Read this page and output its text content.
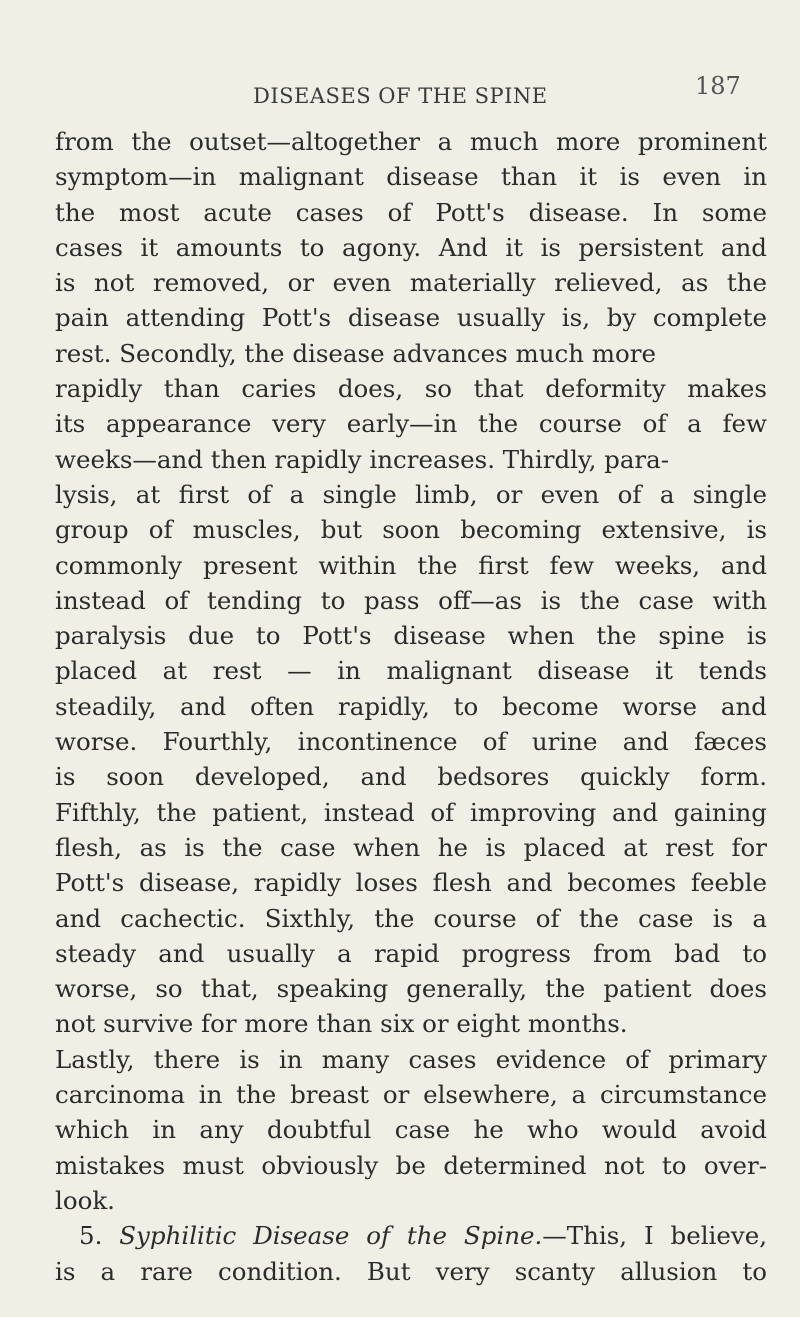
DISEASES OF THE SPINE	187
from the outset—altogether a much more prominent
symptom—in malignant disease than it is even in
the most acute cases of Pott's disease. In some
cases it amounts to agony. And it is persistent and
is not removed, or even materially relieved, as the
pain attending Pott's disease usually is, by complete
rest. Secondly, the disease advances much more
rapidly than caries does, so that deformity makes
its appearance very early—in the course of a few
weeks—and then rapidly increases. Thirdly, para-
lysis, at first of a single limb, or even of a single
group of muscles, but soon becoming extensive, is
commonly present within the first few weeks, and
instead of tending to pass off—as is the case with
paralysis due to Pott's disease when the spine is
placed at rest — in malignant disease it tends
steadily, and often rapidly, to become worse and
worse. Fourthly, incontinence of urine and fæces
is soon developed, and bedsores quickly form.
Fifthly, the patient, instead of improving and gaining
flesh, as is the case when he is placed at rest for
Pott's disease, rapidly loses flesh and becomes feeble
and cachectic. Sixthly, the course of the case is a
steady and usually a rapid progress from bad to
worse, so that, speaking generally, the patient does
not survive for more than six or eight months.
Lastly, there is in many cases evidence of primary
carcinoma in the breast or elsewhere, a circumstance
which in any doubtful case he who would avoid
mistakes must obviously be determined not to over-
look.
5. Syphilitic Disease of the Spine.—This, I believe,
is a rare condition. But very scanty allusion to
